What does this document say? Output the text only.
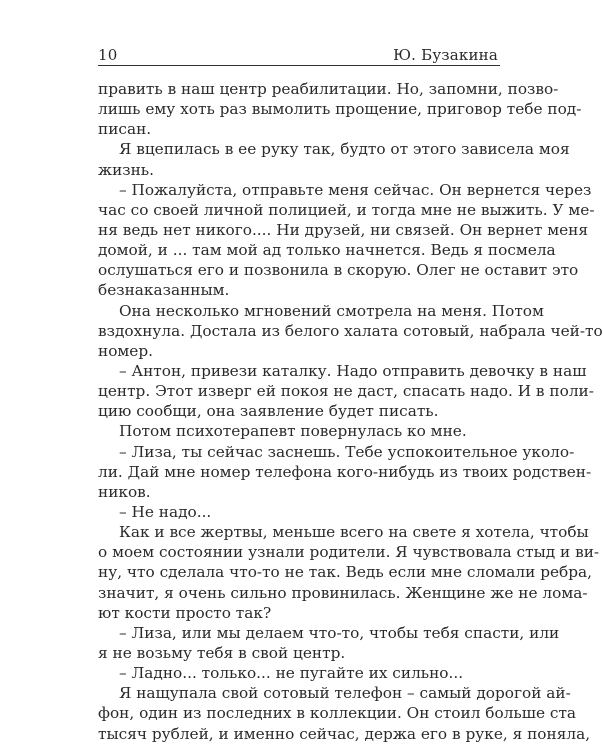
10	Ю. Бузакина
править в наш центр реабилитации. Но, запомни, позво-
лишь ему хоть раз вымолить прощение, приговор тебе под-
писан.
Я вцепилась в ее руку так, будто от этого зависела моя
жизнь.
– Пожалуйста, отправьте меня сейчас. Он вернется через
час со своей личной полицией, и тогда мне не выжить. У ме-
ня ведь нет никого.... Ни друзей, ни связей. Он вернет меня
домой, и ... там мой ад только начнется. Ведь я посмела
ослушаться его и позвонила в скорую. Олег не оставит это
безнаказанным.
Она несколько мгновений смотрела на меня. Потом
вздохнула. Достала из белого халата сотовый, набрала чей-то
номер.
– Антон, привези каталку. Надо отправить девочку в наш
центр. Этот изверг ей покоя не даст, спасать надо. И в поли-
цию сообщи, она заявление будет писать.
Потом психотерапевт повернулась ко мне.
– Лиза, ты сейчас заснешь. Тебе успокоительное уколо-
ли. Дай мне номер телефона кого-нибудь из твоих родствен-
ников.
– Не надо...
Как и все жертвы, меньше всего на свете я хотела, чтобы
о моем состоянии узнали родители. Я чувствовала стыд и ви-
ну, что сделала что-то не так. Ведь если мне сломали ребра,
значит, я очень сильно провинилась. Женщине же не лома-
ют кости просто так?
– Лиза, или мы делаем что-то, чтобы тебя спасти, или
я не возьму тебя в свой центр.
– Ладно... только... не пугайте их сильно...
Я нащупала свой сотовый телефон – самый дорогой ай-
фон, один из последних в коллекции. Он стоил больше ста
тысяч рублей, и именно сейчас, держа его в руке, я поняла,
